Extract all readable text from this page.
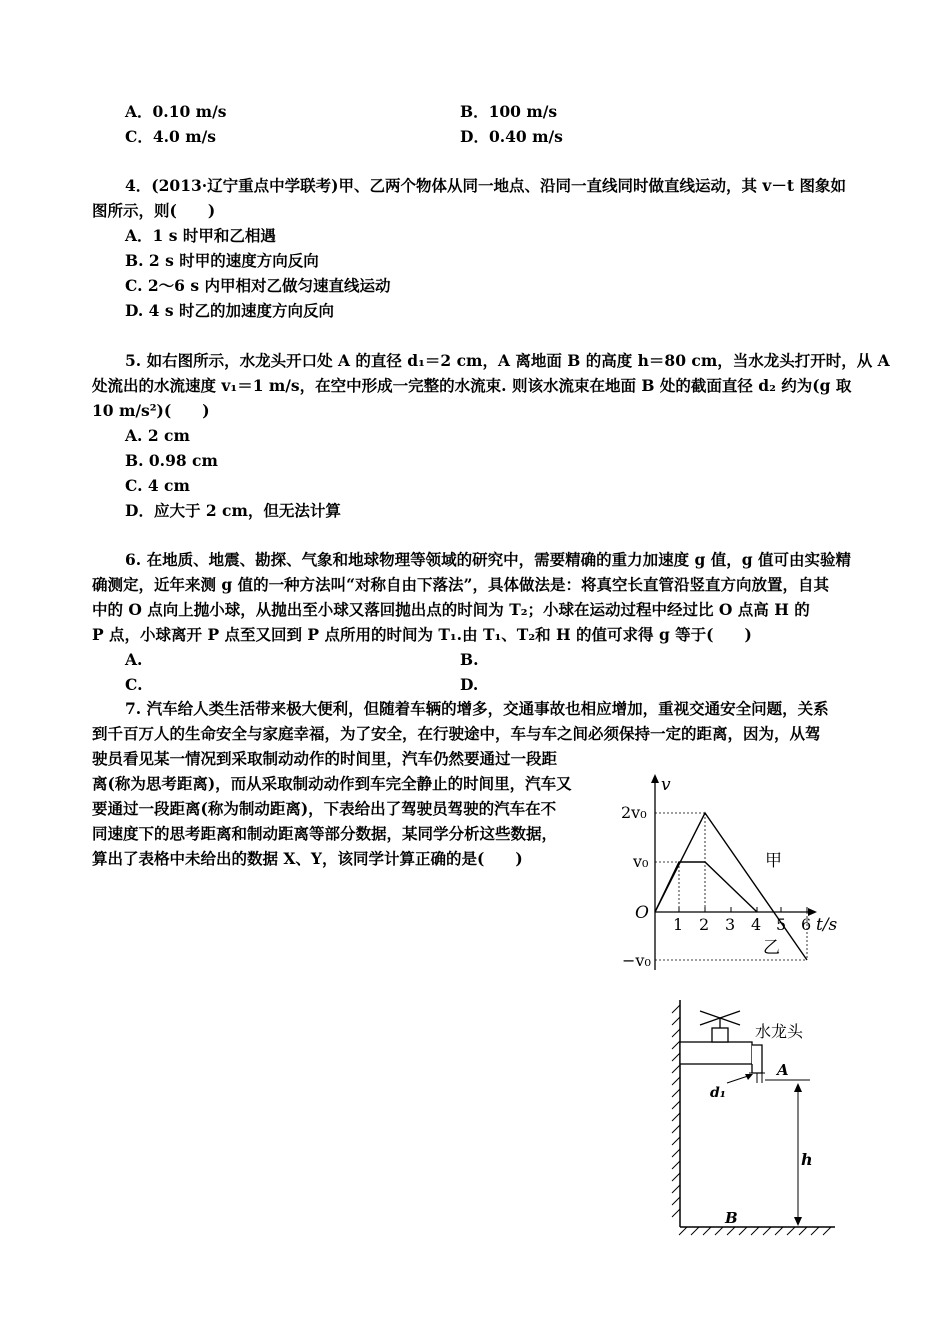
A．0.10 m/s	B．100 m/s
C．4.0 m/s	D．0.40 m/s
4．(2013·辽宁重点中学联考)甲、乙两个物体从同一地点、沿同一直线同时做直线运动，其 v－t 图象如
图所示，则(　　)
A．1 s 时甲和乙相遇
B. 2 s 时甲的速度方向反向
C. 2～6 s 内甲相对乙做匀速直线运动
D. 4 s 时乙的加速度方向反向
5. 如右图所示，水龙头开口处 A 的直径 d₁＝2 cm，A 离地面 B 的高度 h＝80 cm，当水龙头打开时，从 A
处流出的水流速度 v₁＝1 m/s，在空中形成一完整的水流束. 则该水流束在地面 B 处的截面直径 d₂ 约为(g 取
10 m/s²)(　　)
A. 2 cm
B. 0.98 cm
C. 4 cm
D．应大于 2 cm，但无法计算
6. 在地质、地震、勘探、气象和地球物理等领域的研究中，需要精确的重力加速度 g 值，g 值可由实验精
确测定，近年来测 g 值的一种方法叫“对称自由下落法”，具体做法是：将真空长直管沿竖直方向放置，自其
中的 O 点向上抛小球，从抛出至小球又落回抛出点的时间为 T₂；小球在运动过程中经过比 O 点高 H 的
P 点，小球离开 P 点至又回到 P 点所用的时间为 T₁.由 T₁、T₂和 H 的值可求得 g 等于(　　)
A.	B.
C.	D.
7. 汽车给人类生活带来极大便利，但随着车辆的增多，交通事故也相应增加，重视交通安全问题，关系
到千百万人的生命安全与家庭幸福，为了安全，在行驶途中，车与车之间必须保持一定的距离，因为，从驾
驶员看见某一情况到采取制动动作的时间里，汽车仍然要通过一段距
离(称为思考距离)，而从采取制动动作到车完全静止的时间里，汽车又
要通过一段距离(称为制动距离)，下表给出了驾驶员驾驶的汽车在不
同速度下的思考距离和制动距离等部分数据，某同学分析这些数据，
算出了表格中未给出的数据 X、Y，该同学计算正确的是(　　)
v
t/s
2v₀
v₀
−v₀
O
1 2 3 4 5 6
甲
乙
水龙头
A
d₁
h
B
